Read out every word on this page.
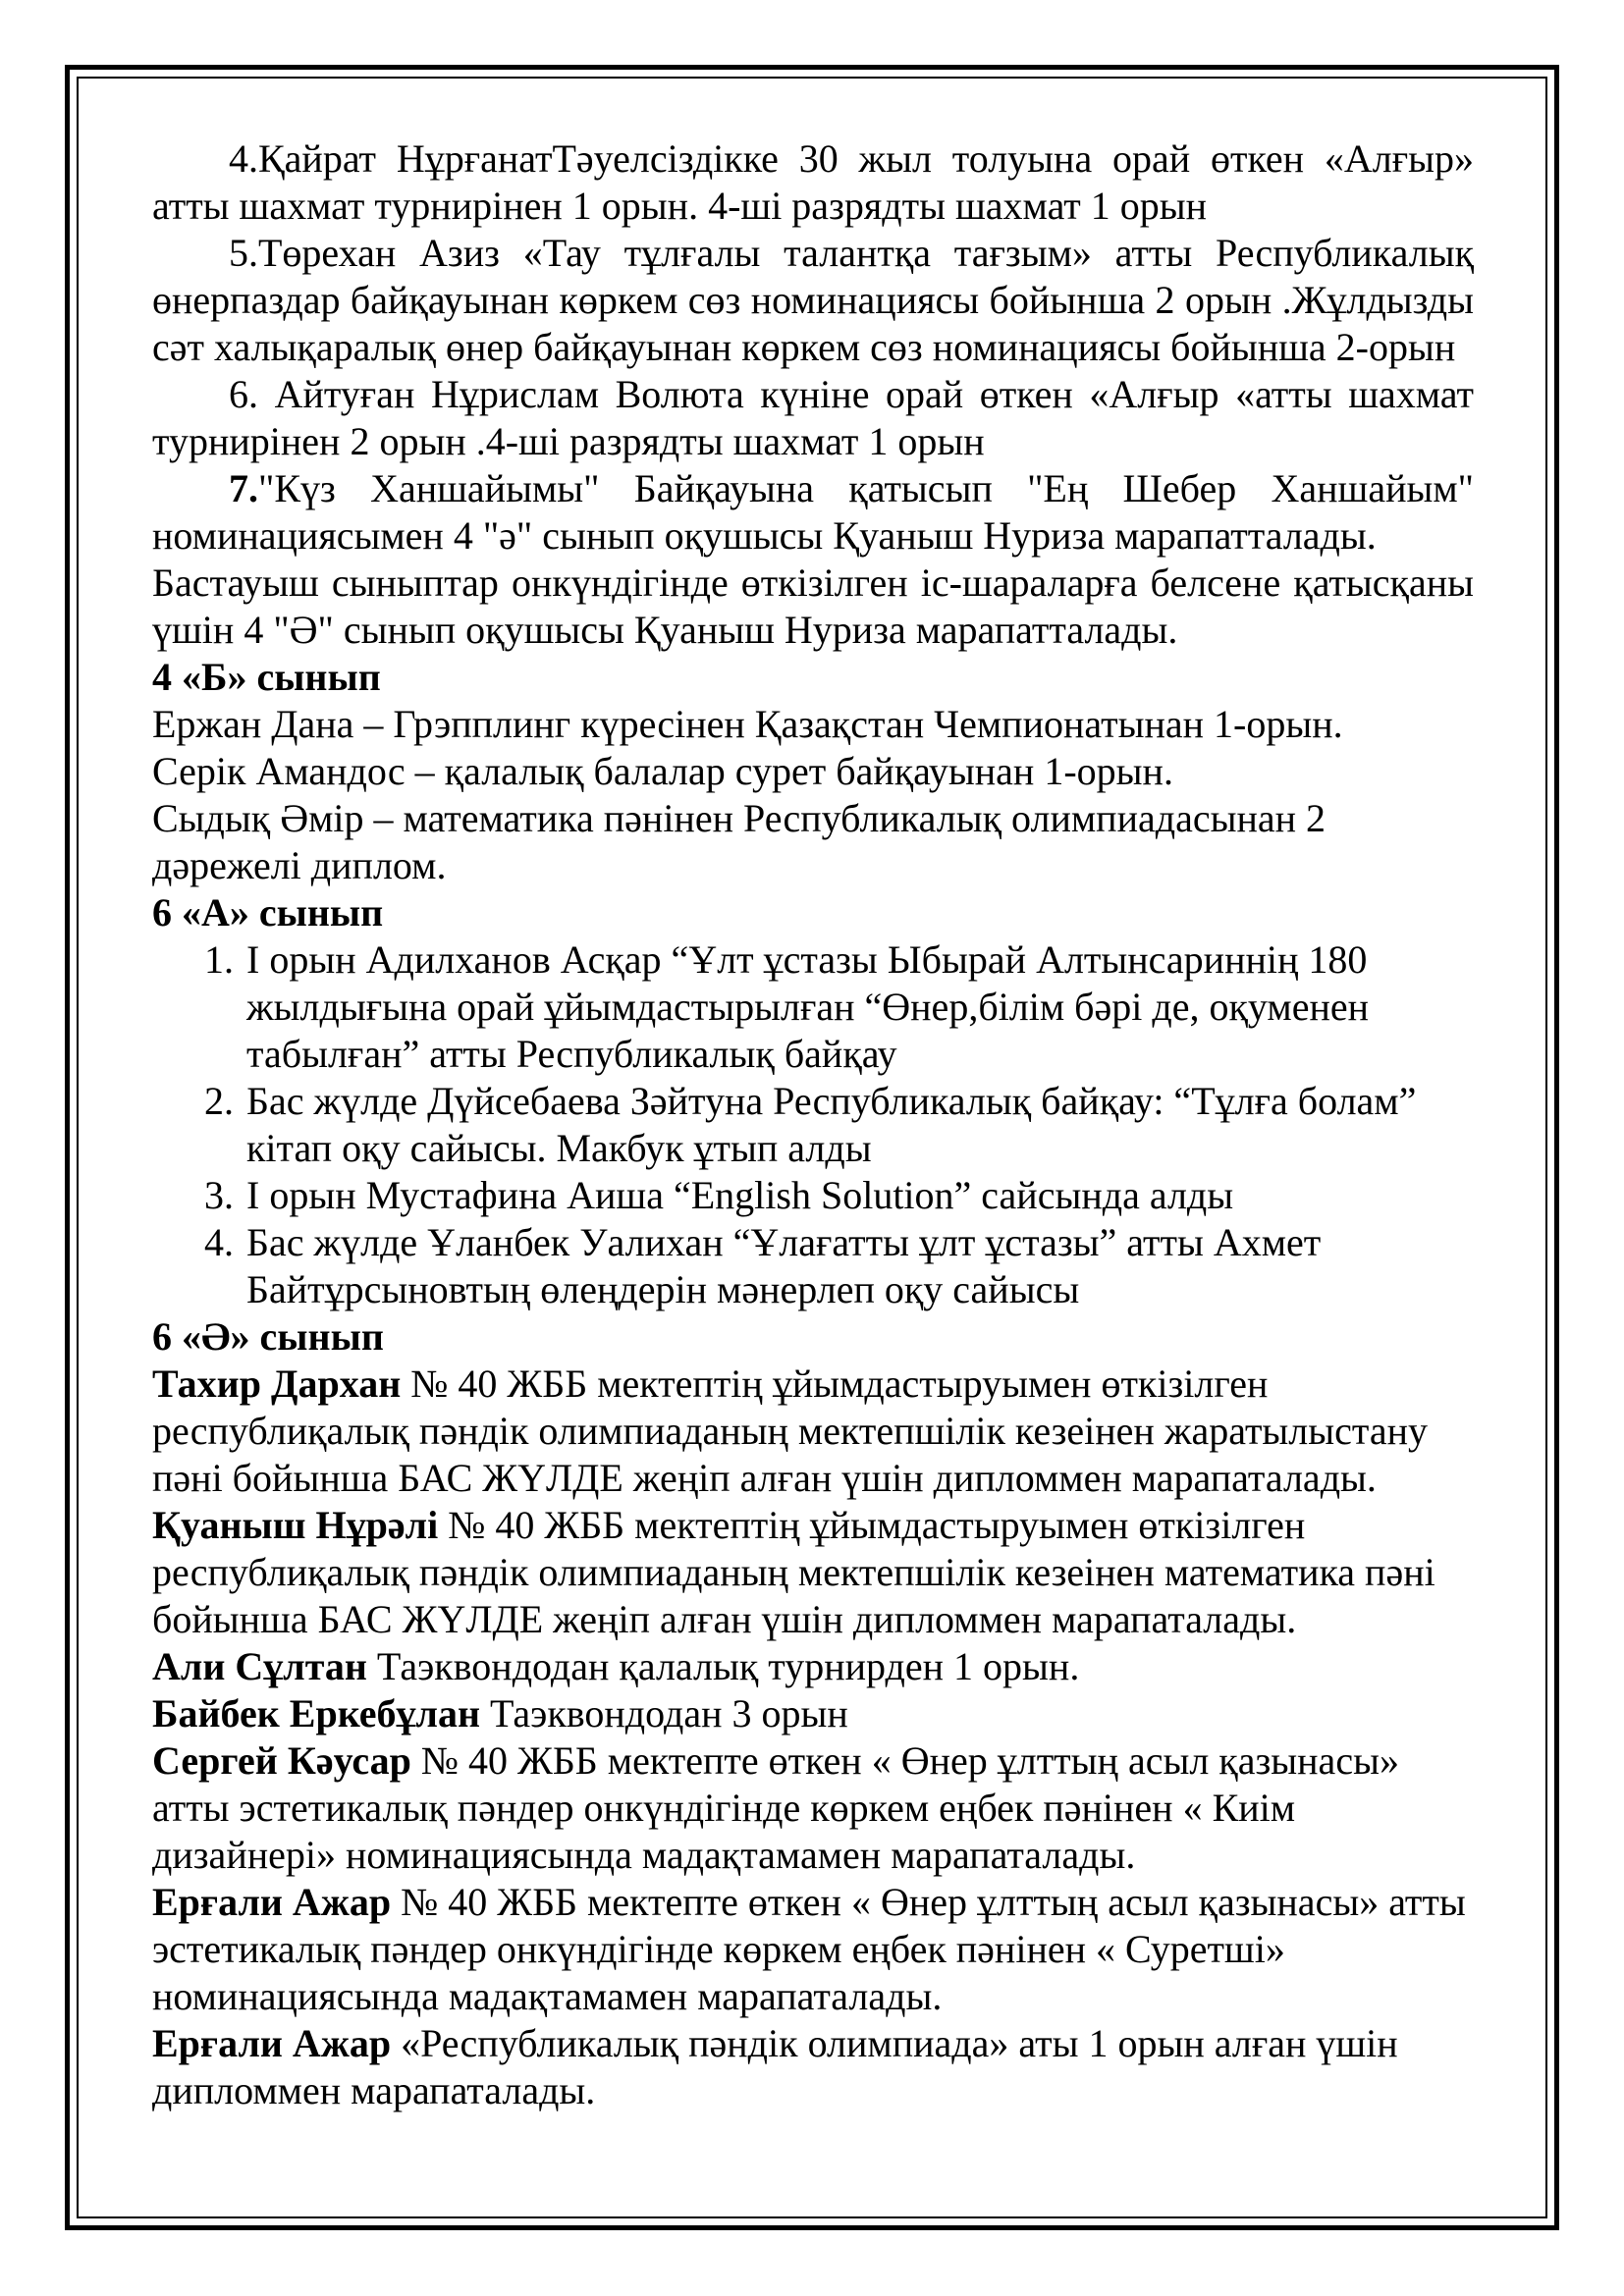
4.Қайрат НұрғанатТәуелсіздікке 30 жыл толуына орай өткен «Алғыр» атты шахмат турнирінен 1 орын. 4-ші разрядты шахмат 1 орын

5.Төрехан Азиз «Тау тұлғалы талантқа тағзым» атты Республикалық өнерпаздар байқауынан көркем сөз номинациясы бойынша 2 орын .Жұлдызды сәт халықаралық өнер байқауынан көркем сөз номинациясы бойынша 2-орын

6. Айтуған Нұрислам Волюта күніне орай өткен «Алғыр «атты шахмат турнирінен 2 орын .4-ші разрядты шахмат 1 орын

7."Күз Ханшайымы" Байқауына қатысып "Ең Шебер Ханшайым" номинациясымен 4 "ә" сынып оқушысы Қуаныш Нуриза марапатталады.

Бастауыш сыныптар онкүндігінде өткізілген іс-шараларға белсене қатысқаны үшін 4 "Ә" сынып оқушысы Қуаныш Нуриза марапатталады.

4 «Б» сынып

Ержан Дана – Грэпплинг күресінен Қазақстан Чемпионатынан 1-орын.

Серік Амандос – қалалық балалар сурет байқауынан 1-орын.

Сыдық Әмір – математика пәнінен Республикалық олимпиадасынан 2 дәрежелі диплом.

6 «А» сынып

1. I орын Адилханов Асқар “Ұлт ұстазы Ыбырай Алтынсариннің 180 жылдығына орай ұйымдастырылған “Өнер,білім бәрі де, оқуменен табылған” атты Республикалық байқау
2. Бас жүлде Дүйсебаева Зәйтуна Республикалық байқау: “Тұлға болам” кітап оқу сайысы. Макбук ұтып алды
3. I орын Мустафина Аиша “English Solution” сайсында алды
4. Бас жүлде Ұланбек Уалихан “Ұлағатты ұлт ұстазы” атты Ахмет Байтұрсыновтың өлеңдерін мәнерлеп оқу сайысы

6 «Ә» сынып

Тахир Дархан № 40 ЖББ мектептің ұйымдастыруымен өткізілген республиқалық пәндік олимпиаданың мектепшілік кезеінен жаратылыстану пәні бойынша БАС ЖҮЛДЕ жеңіп алған үшін дипломмен марапаталады.

Қуаныш Нұрәлі № 40 ЖББ мектептің ұйымдастыруымен өткізілген республиқалық пәндік олимпиаданың мектепшілік кезеінен математика пәні бойынша БАС ЖҮЛДЕ жеңіп алған үшін дипломмен марапаталады.

Али Сұлтан Таэквондодан қалалық турнирден 1 орын.

Байбек Еркебұлан Таэквондодан 3 орын

Сергей Кәусар № 40 ЖББ мектепте өткен « Өнер ұлттың асыл қазынасы» атты эстетикалық пәндер онкүндігінде көркем еңбек пәнінен « Киім дизайнері» номинациясында мадақтамамен марапаталады.

Ерғали Ажар № 40 ЖББ мектепте өткен « Өнер ұлттың асыл қазынасы» атты эстетикалық пәндер онкүндігінде көркем еңбек пәнінен « Суретші» номинациясында мадақтамамен марапаталады.

Ерғали Ажар «Республикалық пәндік олимпиада» аты 1 орын алған үшін дипломмен марапаталады.
